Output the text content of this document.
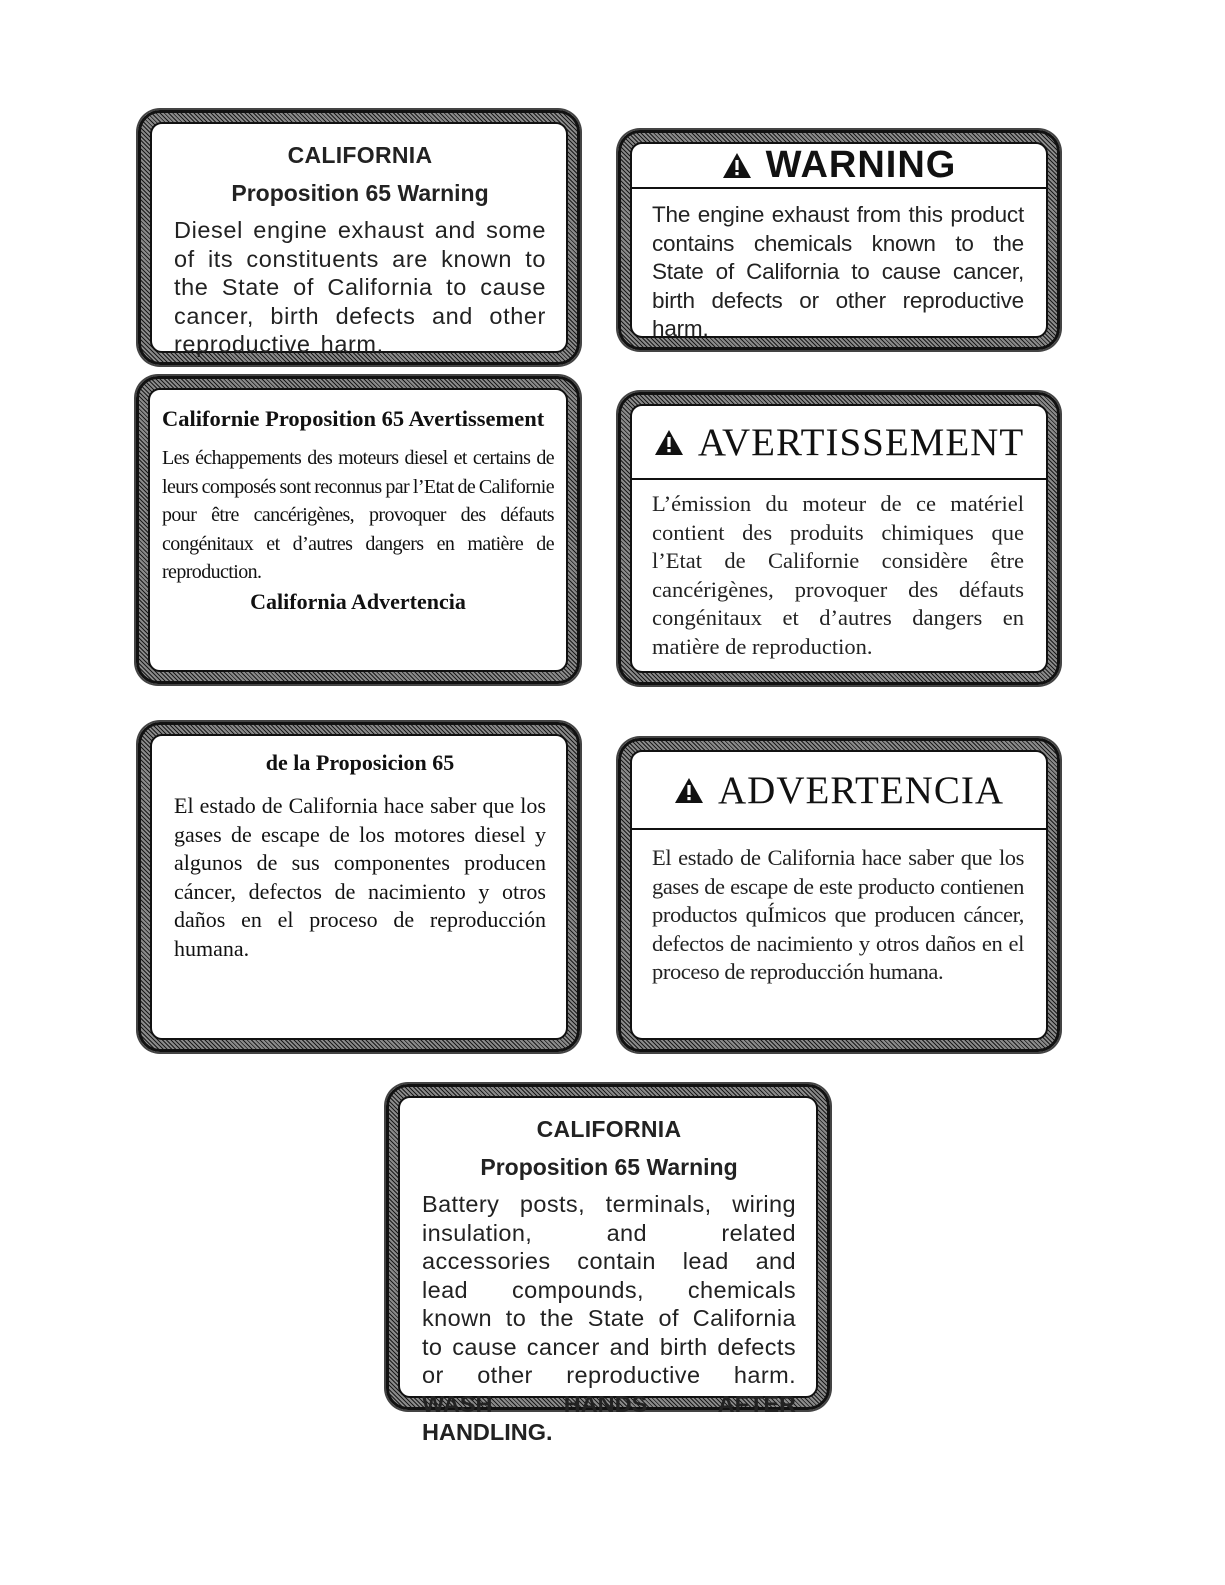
CALIFORNIA
Proposition 65 Warning
Diesel engine exhaust and some of its constituents are known to the State of California to cause cancer, birth defects and other reproductive harm.
WARNING
The engine exhaust from this product contains chemicals known to the State of California to cause cancer, birth defects or other reproductive harm.
Californie Proposition 65 Avertissement
Les échappements des moteurs diesel et certains de leurs composés sont reconnus par l’Etat de Californie pour être cancérigènes, provoquer des défauts congénitaux et d’autres dangers en matière de reproduction.
California Advertencia
AVERTISSEMENT
L’émission du moteur de ce matériel contient des produits chimiques que l’Etat de Californie considère être cancérigènes, provoquer des défauts congénitaux et d’autres dangers en matière de reproduction.
de la Proposicion 65
El estado de California hace saber que los gases de escape de los motores diesel y algunos de sus componentes producen cáncer, defectos de nacimiento y otros daños en el proceso de reproducción humana.
ADVERTENCIA
El estado de California hace saber que los gases de escape de este producto contienen productos quÍmicos que producen cáncer, defectos de nacimiento y otros daños en el proceso de reproducción humana.
CALIFORNIA
Proposition 65 Warning
Battery posts, terminals, wiring insulation, and related accessories contain lead and lead compounds, chemicals known to the State of California to cause cancer and birth defects or other reproductive harm. WASH HANDS AFTER HANDLING.
